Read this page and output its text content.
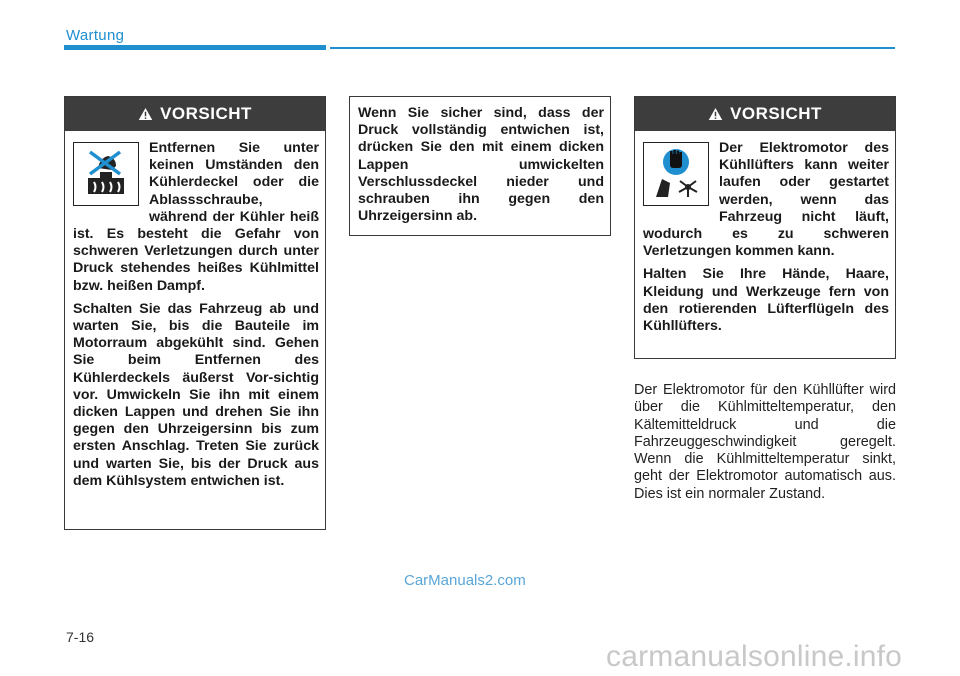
Wartung
VORSICHT

Entfernen Sie unter keinen Umständen den Kühlerdeckel oder die Ablassschraube, während der Kühler heiß ist. Es besteht die Gefahr von schweren Verletzungen durch unter Druck stehendes heißes Kühlmittel bzw. heißen Dampf.

Schalten Sie das Fahrzeug ab und warten Sie, bis die Bauteile im Motorraum abgekühlt sind. Gehen Sie beim Entfernen des Kühlerdeckels äußerst Vor-sichtig vor. Umwickeln Sie ihn mit einem dicken Lappen und drehen Sie ihn gegen den Uhrzeigersinn bis zum ersten Anschlag. Treten Sie zurück und warten Sie, bis der Druck aus dem Kühlsystem entwichen ist.

Wenn Sie sicher sind, dass der Druck vollständig entwichen ist, drücken Sie den mit einem dicken Lappen umwickelten Verschlussdeckel nieder und schrauben ihn gegen den Uhrzeigersinn ab.

VORSICHT

Der Elektromotor des Kühllüfters kann weiter laufen oder gestartet werden, wenn das Fahrzeug nicht läuft, wodurch es zu schweren Verletzungen kommen kann.

Halten Sie Ihre Hände, Haare, Kleidung und Werkzeuge fern von den rotierenden Lüfterflügeln des Kühllüfters.

Der Elektromotor für den Kühllüfter wird über die Kühlmitteltemperatur, den Kältemitteldruck und die Fahrzeuggeschwindigkeit geregelt. Wenn die Kühlmitteltemperatur sinkt, geht der Elektromotor automatisch aus. Dies ist ein normaler Zustand.
CarManuals2.com
7-16
carmanualsonline.info
